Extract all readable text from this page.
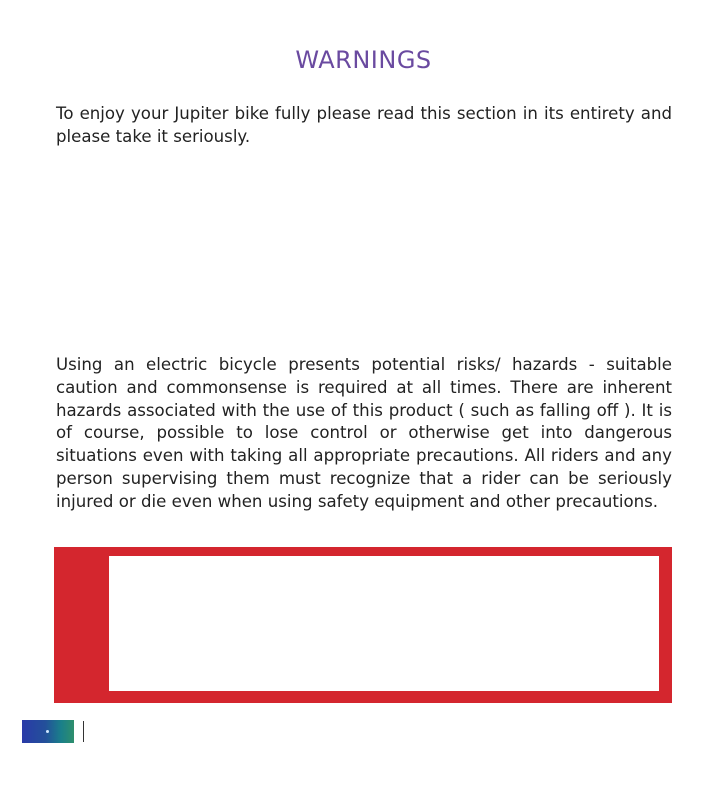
WARNINGS

To enjoy your Jupiter bike fully please read this section in its entirety and please take it seriously.

Using an electric bicycle presents potential risks/ hazards - suitable caution and commonsense is required at all times. There are inherent hazards associated with the use of this product ( such as falling off ). It is of course, possible to lose control or otherwise get into dangerous situations even with taking all appropriate precautions. All riders and any person supervising them must recognize that a rider can be seriously injured or die even when using safety equipment and other precautions.
